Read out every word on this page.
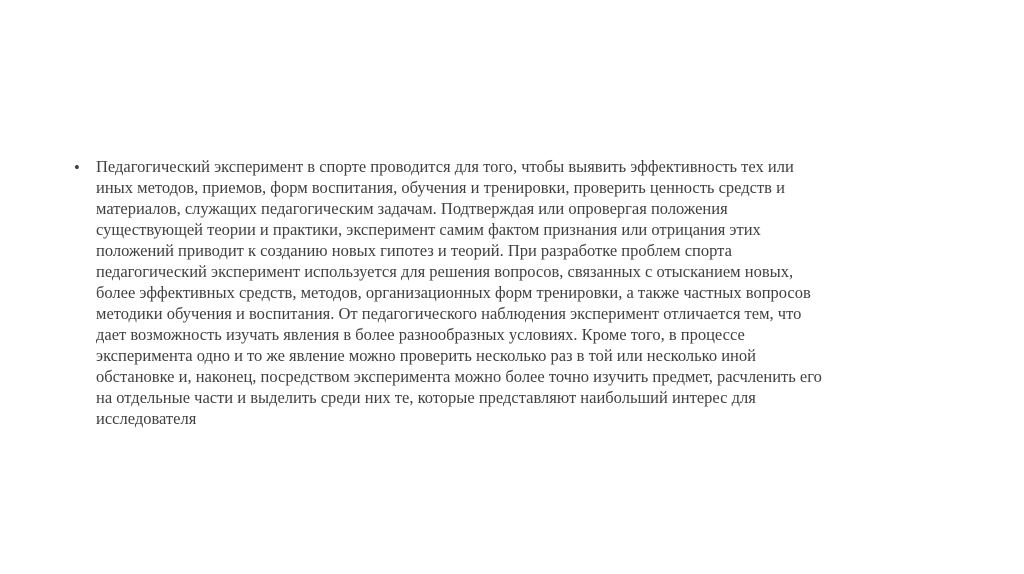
• Педагогический эксперимент в спорте проводится для того, чтобы выявить эффективность тех или
иных методов, приемов, форм воспитания, обучения и тренировки, проверить ценность средств и
материалов, служащих педагогическим задачам. Подтверждая или опровергая положения
существующей теории и практики, эксперимент самим фактом признания или отрицания этих
положений приводит к созданию новых гипотез и теорий. При разработке проблем спорта
педагогический эксперимент используется для решения вопросов, связанных с отысканием новых,
более эффективных средств, методов, организационных форм тренировки, а также частных вопросов
методики обучения и воспитания. От педагогического наблюдения эксперимент отличается тем, что
дает возможность изучать явления в более разнообразных условиях. Кроме того, в процессе
эксперимента одно и то же явление можно проверить несколько раз в той или несколько иной
обстановке и, наконец, посредством эксперимента можно более точно изучить предмет, расчленить его
на отдельные части и выделить среди них те, которые представляют наибольший интерес для
исследователя
